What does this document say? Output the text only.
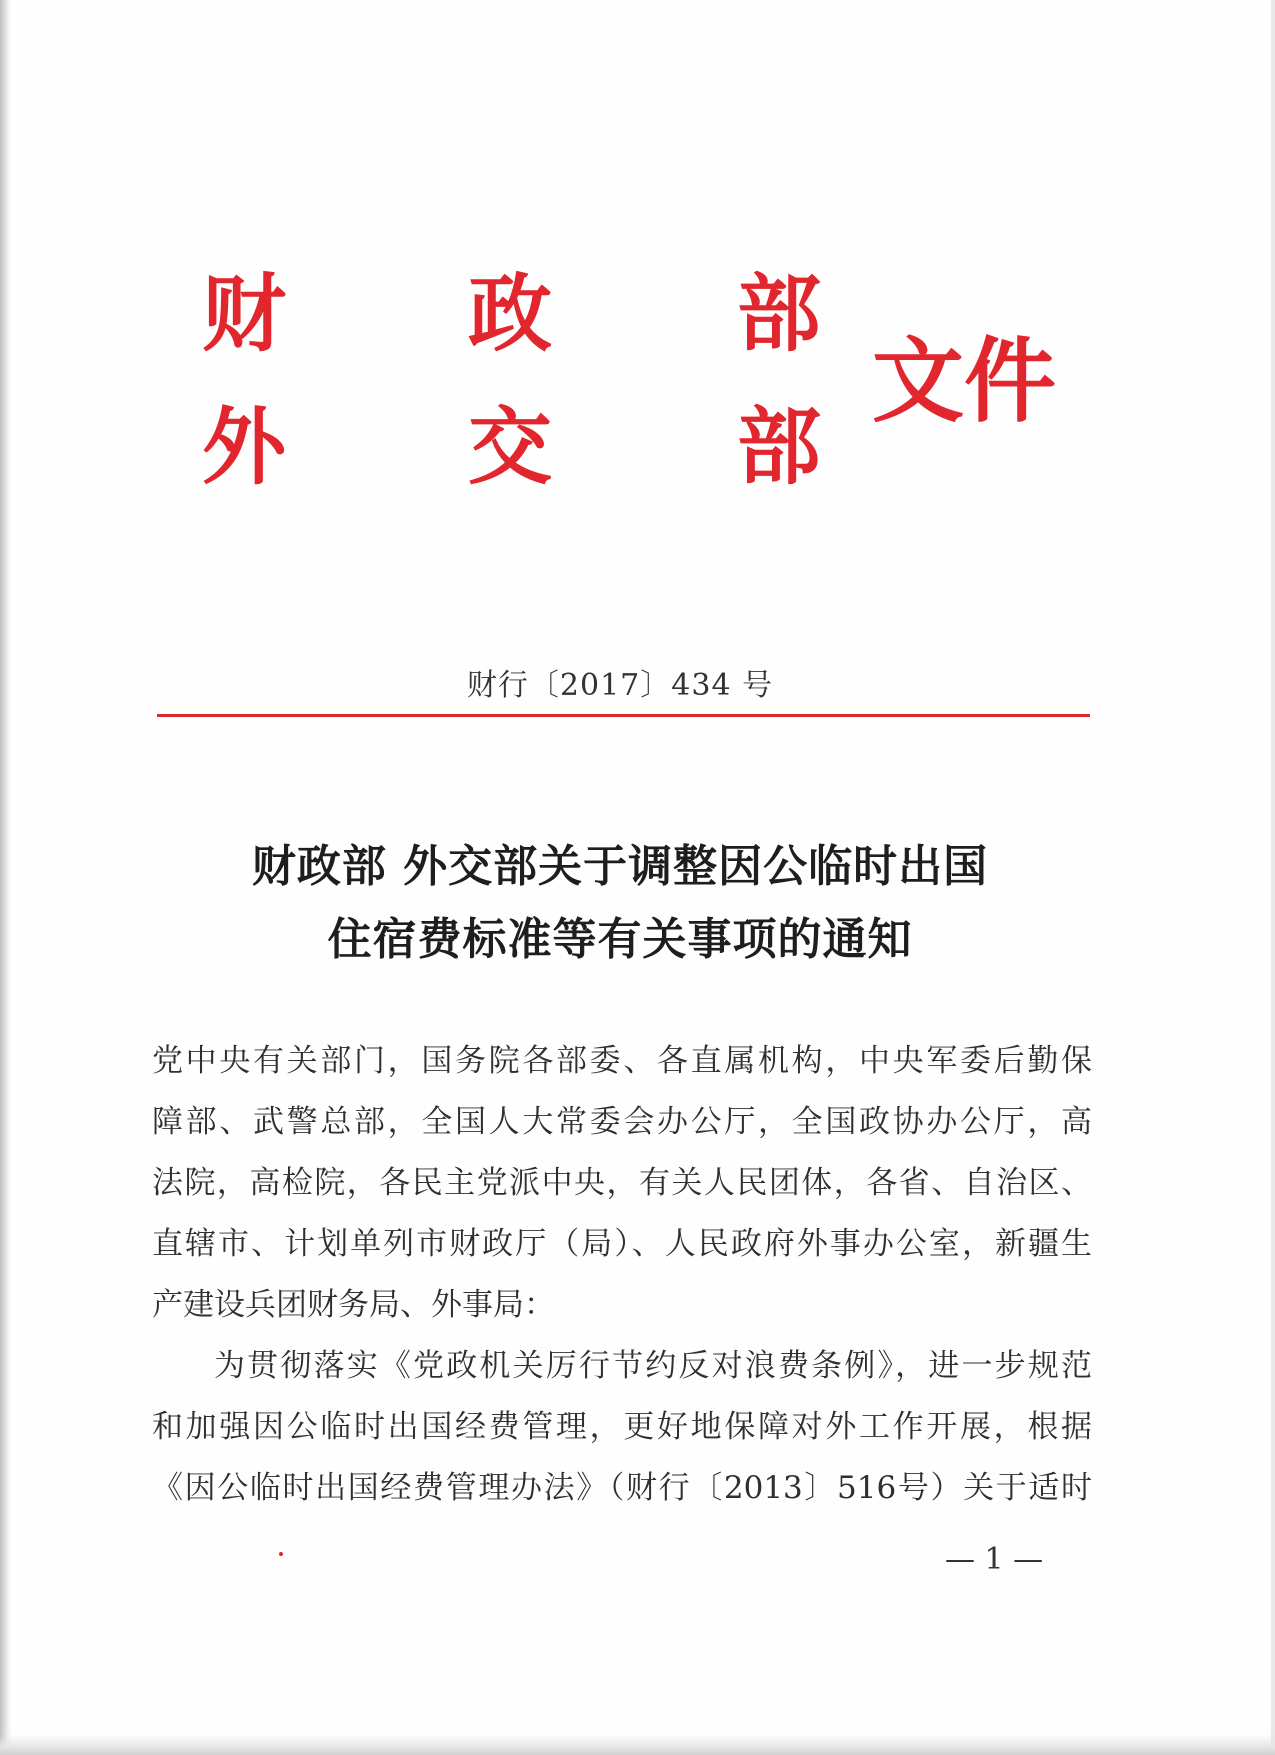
财 政 部
外 交 部
文件
财行〔2017〕434 号
财政部 外交部关于调整因公临时出国
住宿费标准等有关事项的通知
党中央有关部门，国务院各部委、各直属机构，中央军委后勤保
障部、武警总部，全国人大常委会办公厅，全国政协办公厅，高
法院，高检院，各民主党派中央，有关人民团体，各省、自治区、
直辖市、计划单列市财政厅（局）、人民政府外事办公室，新疆生
产建设兵团财务局、外事局：
为贯彻落实《党政机关厉行节约反对浪费条例》，进一步规范
和加强因公临时出国经费管理，更好地保障对外工作开展，根据
《因公临时出国经费管理办法》（财行〔2013〕516号）关于适时
— 1 —
